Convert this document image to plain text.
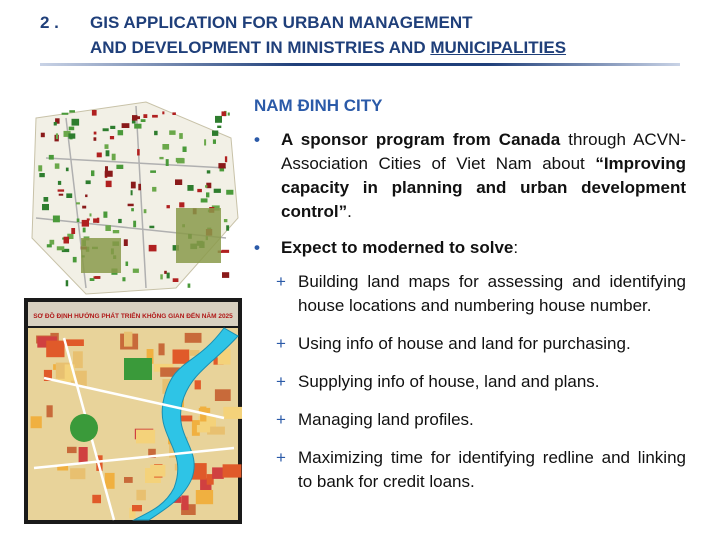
2 . GIS APPLICATION FOR URBAN MANAGEMENT
AND DEVELOPMENT IN MINISTRIES AND MUNICIPALITIES
SƠ ĐỒ ĐỊNH HƯỚNG PHÁT TRIỂN KHÔNG GIAN ĐẾN NĂM 2025
NAM ĐINH CITY
•	A sponsor program from Canada through ACVN-Association Cities of Viet Nam about “Improving capacity in planning and urban development control”.
•	Expect to moderned to solve:
+ Building land maps for assessing and identifying house locations and numbering house number.
+ Using info of house and land for purchasing.
+ Supplying info of house, land and plans.
+ Managing land profiles.
+ Maximizing time for identifying redline and linking to bank for credit loans.
